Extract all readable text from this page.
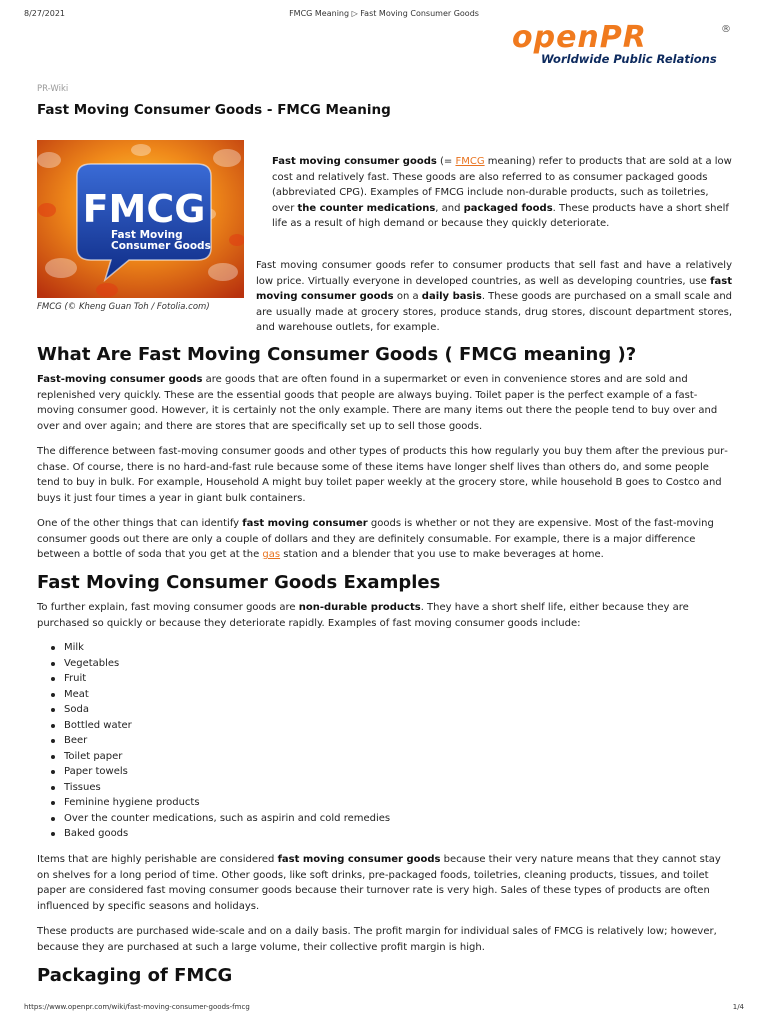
8/27/2021	FMCG Meaning ▷ Fast Moving Consumer Goods
openPR	®
Worldwide Public Relations
PR-Wiki
Fast Moving Consumer Goods - FMCG Meaning
FMCG
Fast Moving
Consumer Goods
FMCG (© Kheng Guan Toh / Fotolia.com)

Fast moving consumer goods (= FMCG meaning) refer to products that are sold at a low cost and relatively fast. These goods are also referred to as consumer packaged goods (abbreviated CPG). Examples of FMCG include non-durable products, such as toiletries, over the counter medications, and packaged foods. These products have a short shelf life as a result of high demand or because they quickly deteriorate.

Fast moving consumer goods refer to consumer products that sell fast and have a relatively low price. Virtually everyone in developed countries, as well as developing countries, use fast moving consumer goods on a daily basis. These goods are purchased on a small scale and are usually made at grocery stores, produce stands, drug stores, discount department stores, and warehouse outlets, for example.

What Are Fast Moving Consumer Goods ( FMCG meaning )?

Fast-moving consumer goods are goods that are often found in a supermarket or even in convenience stores and are sold and replenished very quickly. These are the essential goods that people are always buying. Toilet paper is the perfect example of a fast-moving consumer good. However, it is certainly not the only example. There are many items out there the people tend to buy over and over and over again; and there are stores that are specifically set up to sell those goods.

The difference between fast-moving consumer goods and other types of products this how regularly you buy them after the previous purchase. Of course, there is no hard-and-fast rule because some of these items have longer shelf lives than others do, and some people tend to buy in bulk. For example, Household A might buy toilet paper weekly at the grocery store, while household B goes to Costco and buys it just four times a year in giant bulk containers.

One of the other things that can identify fast moving consumer goods is whether or not they are expensive. Most of the fast-moving consumer goods out there are only a couple of dollars and they are definitely consumable. For example, there is a major difference between a bottle of soda that you get at the gas station and a blender that you use to make beverages at home.

Fast Moving Consumer Goods Examples

To further explain, fast moving consumer goods are non-durable products. They have a short shelf life, either because they are purchased so quickly or because they deteriorate rapidly. Examples of fast moving consumer goods include:

Milk
Vegetables
Fruit
Meat
Soda
Bottled water
Beer
Toilet paper
Paper towels
Tissues
Feminine hygiene products
Over the counter medications, such as aspirin and cold remedies
Baked goods

Items that are highly perishable are considered fast moving consumer goods because their very nature means that they cannot stay on shelves for a long period of time. Other goods, like soft drinks, pre-packaged foods, toiletries, cleaning products, tissues, and toilet paper are considered fast moving consumer goods because their turnover rate is very high. Sales of these types of products are often influenced by specific seasons and holidays.

These products are purchased wide-scale and on a daily basis. The profit margin for individual sales of FMCG is relatively low; however, because they are purchased at such a large volume, their collective profit margin is high.

Packaging of FMCG
https://www.openpr.com/wiki/fast-moving-consumer-goods-fmcg	1/4
